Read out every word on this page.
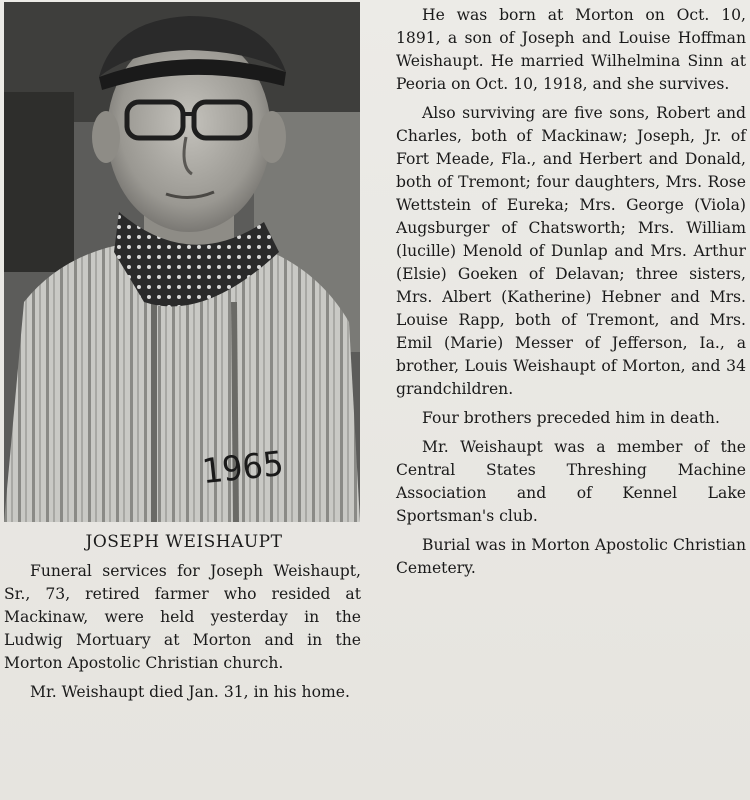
1965
JOSEPH WEISHAUPT

Funeral services for Joseph Weishaupt, Sr., 73, retired farmer who resided at Mackinaw, were held yesterday in the Ludwig Mortuary at Morton and in the Morton Apostolic Christian church.

Mr. Weishaupt died Jan. 31, in his home.

He was born at Morton on Oct. 10, 1891, a son of Joseph and Louise Hoffman Weishaupt. He married Wilhelmina Sinn at Peoria on Oct. 10, 1918, and she survives.

Also surviving are five sons, Robert and Charles, both of Mackinaw; Joseph, Jr. of Fort Meade, Fla., and Herbert and Donald, both of Tremont; four daughters, Mrs. Rose Wettstein of Eureka; Mrs. George (Viola) Augsburger of Chatsworth; Mrs. William (lucille) Menold of Dunlap and Mrs. Arthur (Elsie) Goeken of Delavan; three sisters, Mrs. Albert (Katherine) Hebner and Mrs. Louise Rapp, both of Tremont, and Mrs. Emil (Marie) Messer of Jefferson, Ia., a brother, Louis Weishaupt of Morton, and 34 grandchildren.

Four brothers preceded him in death.

Mr. Weishaupt was a member of the Central States Threshing Machine Association and of Kennel Lake Sportsman's club.

Burial was in Morton Apostolic Christian Cemetery.
